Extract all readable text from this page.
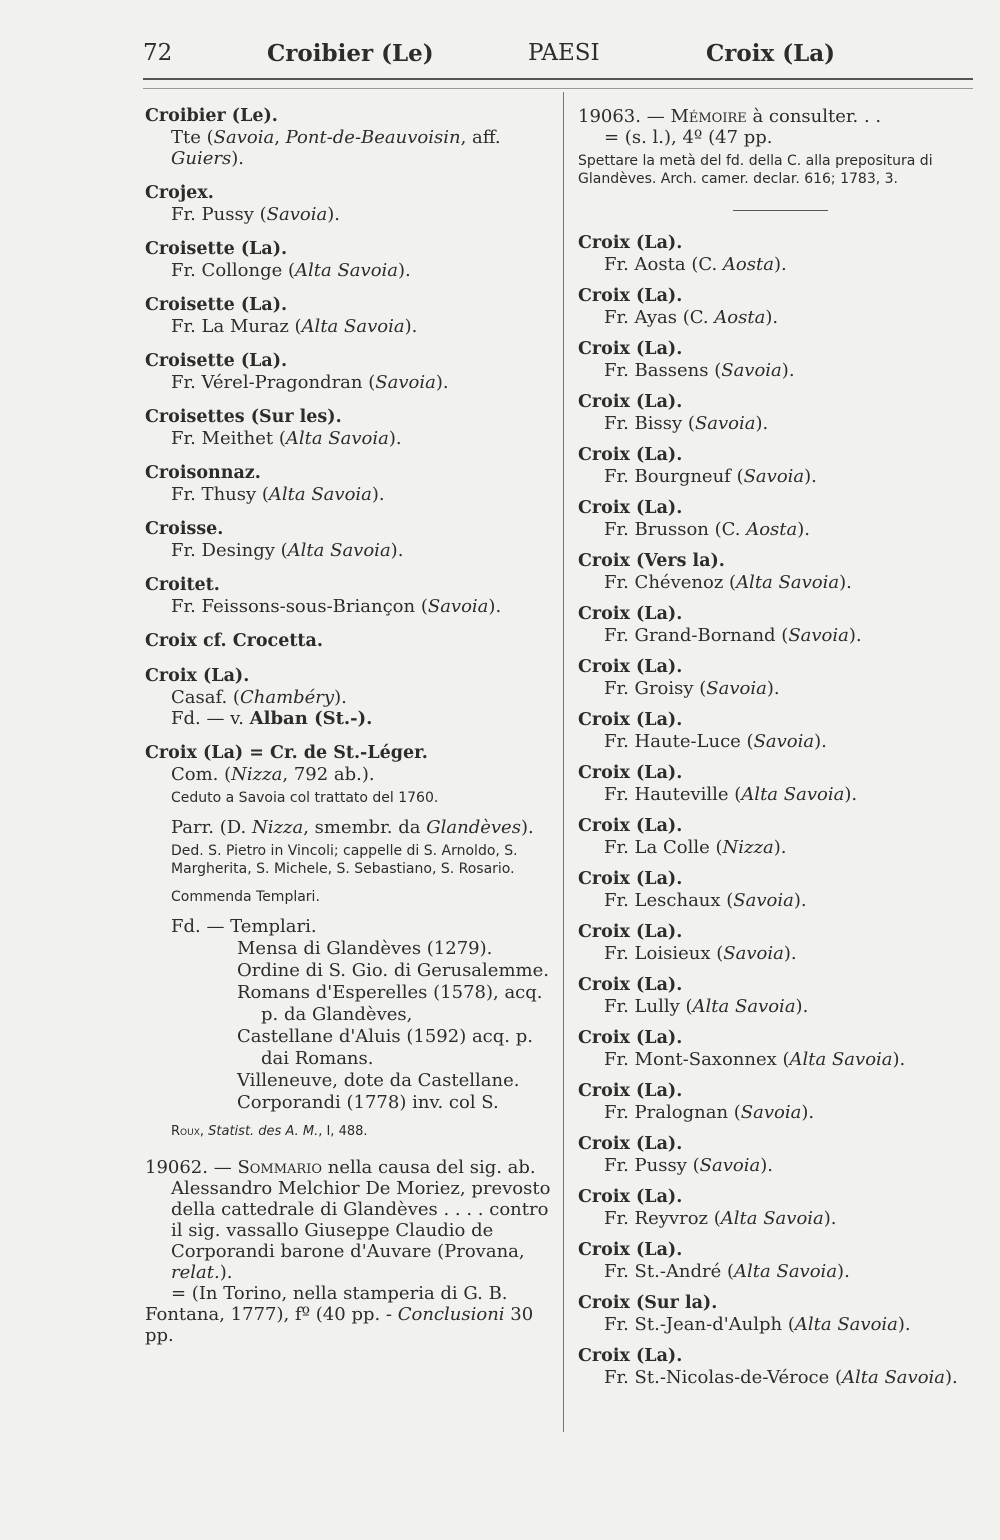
72	Croibier (Le)	PAESI	Croix (La)
Croibier (Le).
Tte (Savoia, Pont-de-Beauvoisin, aff.
Guiers).
Crojex.
Fr. Pussy (Savoia).
Croisette (La).
Fr. Collonge (Alta Savoia).
Croisette (La).
Fr. La Muraz (Alta Savoia).
Croisette (La).
Fr. Vérel-Pragondran (Savoia).
Croisettes (Sur les).
Fr. Meithet (Alta Savoia).
Croisonnaz.
Fr. Thusy (Alta Savoia).
Croisse.
Fr. Desingy (Alta Savoia).
Croitet.
Fr. Feissons-sous-Briançon (Savoia).
Croix cf. Crocetta.
Croix (La).
Casaf. (Chambéry).
Fd. — v. Alban (St.-).
Croix (La) = Cr. de St.-Léger.
Com. (Nizza, 792 ab.).
Ceduto a Savoia col trattato del 1760.
Parr. (D. Nizza, smembr. da Glandèves).
Ded. S. Pietro in Vincoli; cappelle di S. Arnoldo, S. Margherita, S. Michele, S. Sebastiano, S. Rosario.
Commenda Templari.
Fd. — Templari.
Mensa di Glandèves (1279).
Ordine di S. Gio. di Gerusalemme.
Romans d'Esperelles (1578), acq.
p. da Glandèves,
Castellane d'Aluis (1592) acq. p.
dai Romans.
Villeneuve, dote da Castellane.
Corporandi (1778) inv. col S.
Roux, Statist. des A. M., I, 488.
19062. — Sommario nella causa del sig. ab. Alessandro Melchior De Moriez, prevosto della cattedrale di Glandèves . . . . contro il sig. vassallo Giuseppe Claudio de Corporandi barone d'Auvare (Provana, relat.).
= (In Torino, nella stamperia di G. B. Fontana, 1777), fº (40 pp. - Conclusioni 30 pp.
19063. — Mémoire à consulter. . .
= (s. l.), 4º (47 pp.
Spettare la metà del fd. della C. alla prepositura di Glandèves. Arch. camer. declar. 616; 1783, 3.
Croix (La).
Fr. Aosta (C. Aosta).
Croix (La).
Fr. Ayas (C. Aosta).
Croix (La).
Fr. Bassens (Savoia).
Croix (La).
Fr. Bissy (Savoia).
Croix (La).
Fr. Bourgneuf (Savoia).
Croix (La).
Fr. Brusson (C. Aosta).
Croix (Vers la).
Fr. Chévenoz (Alta Savoia).
Croix (La).
Fr. Grand-Bornand (Savoia).
Croix (La).
Fr. Groisy (Savoia).
Croix (La).
Fr. Haute-Luce (Savoia).
Croix (La).
Fr. Hauteville (Alta Savoia).
Croix (La).
Fr. La Colle (Nizza).
Croix (La).
Fr. Leschaux (Savoia).
Croix (La).
Fr. Loisieux (Savoia).
Croix (La).
Fr. Lully (Alta Savoia).
Croix (La).
Fr. Mont-Saxonnex (Alta Savoia).
Croix (La).
Fr. Pralognan (Savoia).
Croix (La).
Fr. Pussy (Savoia).
Croix (La).
Fr. Reyvroz (Alta Savoia).
Croix (La).
Fr. St.-André (Alta Savoia).
Croix (Sur la).
Fr. St.-Jean-d'Aulph (Alta Savoia).
Croix (La).
Fr. St.-Nicolas-de-Véroce (Alta Savoia).
